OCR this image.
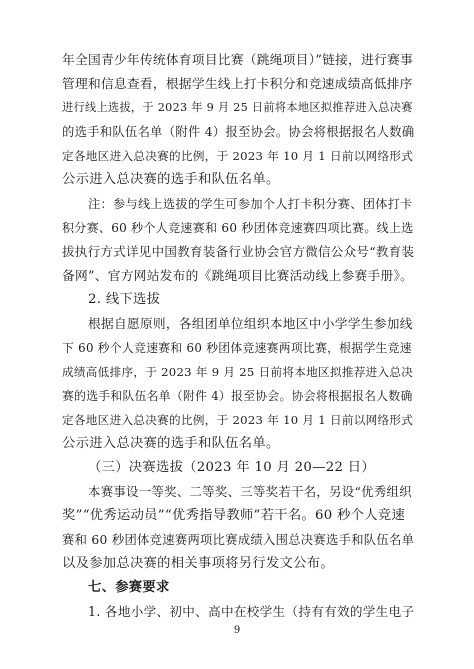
年全国青少年传统体育项目比赛（跳绳项目）”链接，进行赛事
管理和信息查看，根据学生线上打卡积分和竞速成绩高低排序
进行线上选拔，于 2023 年 9 月 25 日前将本地区拟推荐进入总决赛
的选手和队伍名单（附件 4）报至协会。协会将根据报名人数确
定各地区进入总决赛的比例，于 2023 年 10 月 1 日前以网络形式
公示进入总决赛的选手和队伍名单。
注：参与线上选拔的学生可参加个人打卡积分赛、团体打卡
积分赛、60 秒个人竞速赛和 60 秒团体竞速赛四项比赛。线上选
拔执行方式详见中国教育装备行业协会官方微信公众号“教育装
备网”、官方网站发布的《跳绳项目比赛活动线上参赛手册》。
2. 线下选拔
根据自愿原则，各组团单位组织本地区中小学学生参加线
下 60 秒个人竞速赛和 60 秒团体竞速赛两项比赛，根据学生竞速
成绩高低排序，于 2023 年 9 月 25 日前将本地区拟推荐进入总决
赛的选手和队伍名单（附件 4）报至协会。协会将根据报名人数确
定各地区进入总决赛的比例，于 2023 年 10 月 1 日前以网络形式
公示进入总决赛的选手和队伍名单。
（三）决赛选拔（2023 年 10 月 20—22 日）
本赛事设一等奖、二等奖、三等奖若干名，另设“优秀组织
奖”“优秀运动员”“优秀指导教师”若干名。60 秒个人竞速
赛和 60 秒团体竞速赛两项比赛成绩入围总决赛选手和队伍名单
以及参加总决赛的相关事项将另行发文公布。
七、参赛要求
1. 各地小学、初中、高中在校学生（持有有效的学生电子
9
